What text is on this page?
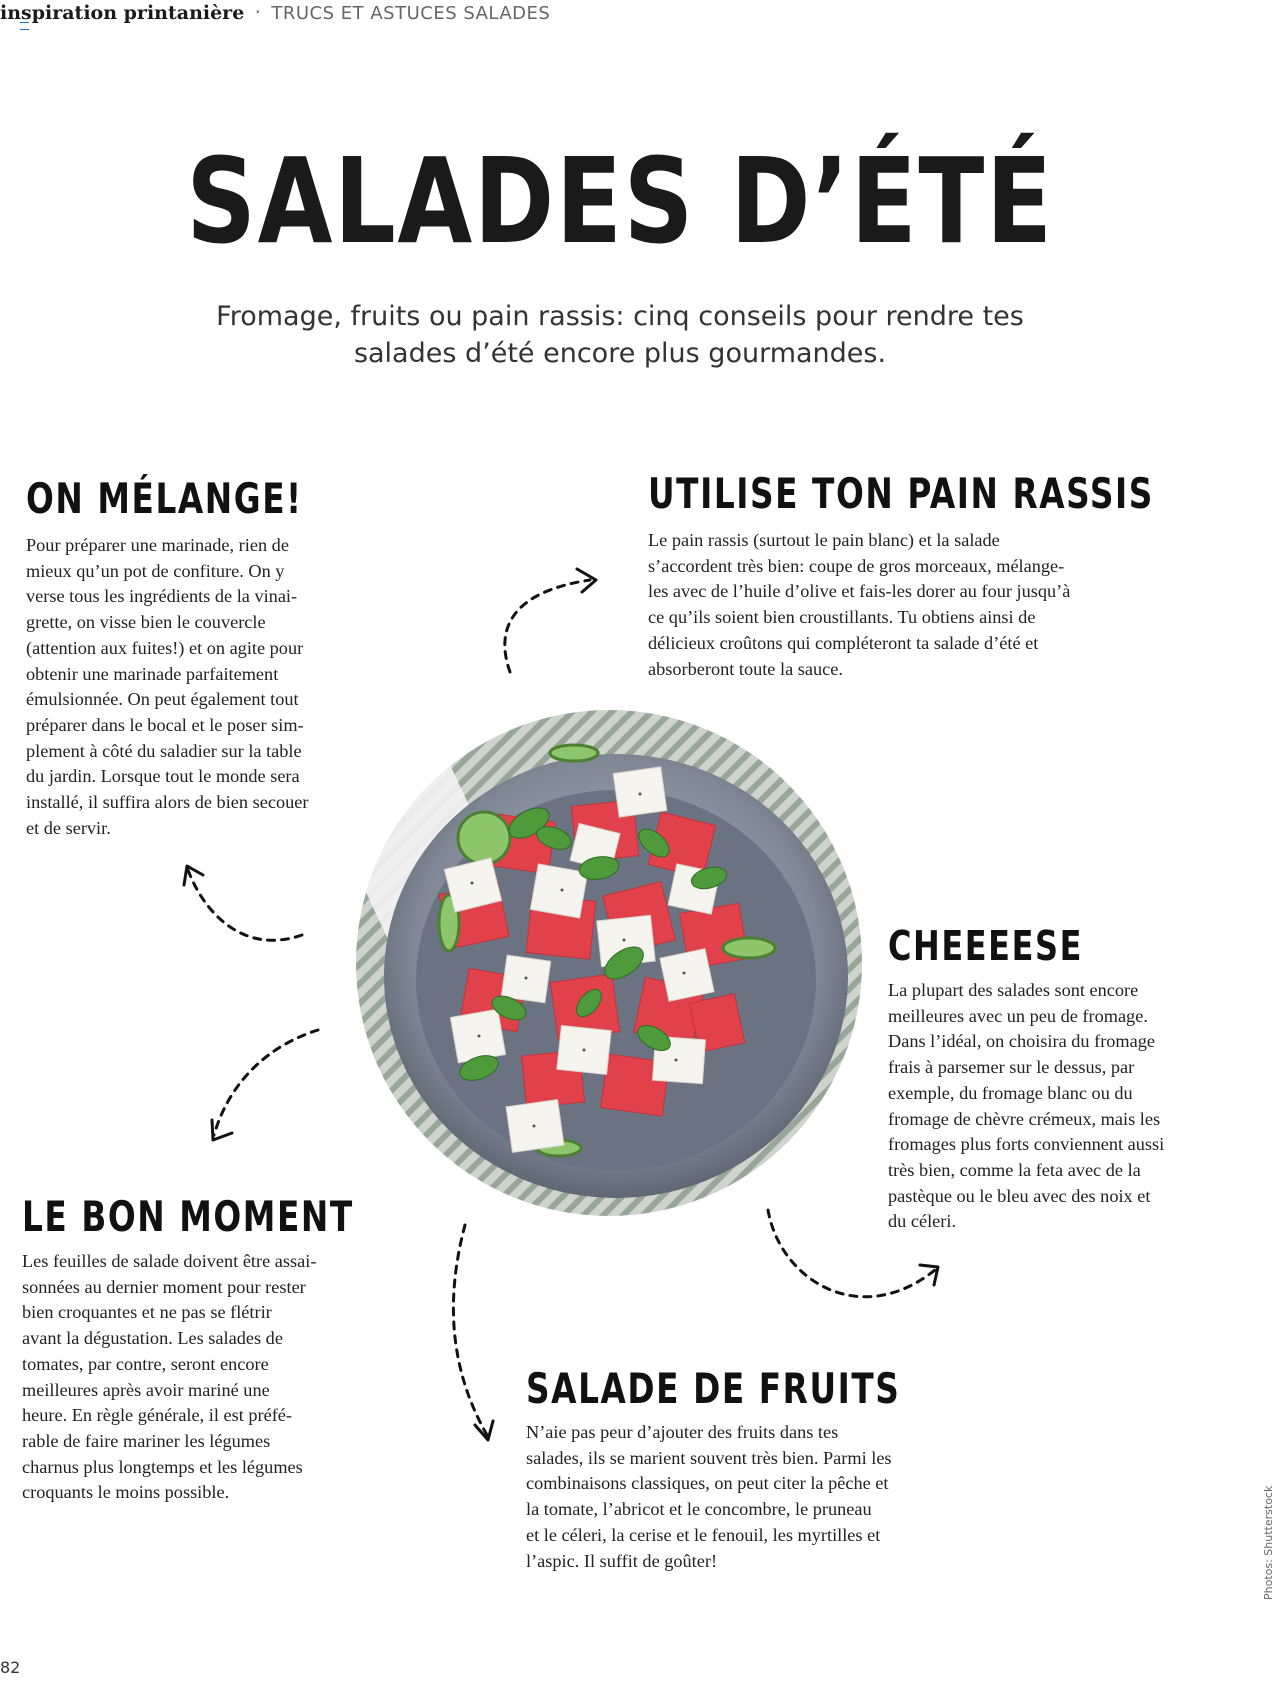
inspiration printanière · TRUCS ET ASTUCES SALADES
SALADES D’ÉTÉ
Fromage, fruits ou pain rassis: cinq conseils pour rendre tes
salades d’été encore plus gourmandes.
ON MÉLANGE!

Pour préparer une marinade, rien de

mieux qu’un pot de confiture. On y

verse tous les ingrédients de la vinai-

grette, on visse bien le couvercle

(attention aux fuites!) et on agite pour

obtenir une marinade parfaitement

émulsionnée. On peut également tout

préparer dans le bocal et le poser sim-

plement à côté du saladier sur la table

du jardin. Lorsque tout le monde sera

installé, il suffira alors de bien secouer

et de servir.

UTILISE TON PAIN RASSIS

Le pain rassis (surtout le pain blanc) et la salade

s’accordent très bien: coupe de gros morceaux, mélange-

les avec de l’huile d’olive et fais-les dorer au four jusqu’à

ce qu’ils soient bien croustillants. Tu obtiens ainsi de

délicieux croûtons qui compléteront ta salade d’été et

absorberont toute la sauce.

CHEEEESE

La plupart des salades sont encore

meilleures avec un peu de fromage.

Dans l’idéal, on choisira du fromage

frais à parsemer sur le dessus, par

exemple, du fromage blanc ou du

fromage de chèvre crémeux, mais les

fromages plus forts conviennent aussi

très bien, comme la feta avec de la

pastèque ou le bleu avec des noix et

du céleri.

LE BON MOMENT

Les feuilles de salade doivent être assai-

sonnées au dernier moment pour rester

bien croquantes et ne pas se flétrir

avant la dégustation. Les salades de

tomates, par contre, seront encore

meilleures après avoir mariné une

heure. En règle générale, il est préfé-

rable de faire mariner les légumes

charnus plus longtemps et les légumes

croquants le moins possible.

SALADE DE FRUITS

N’aie pas peur d’ajouter des fruits dans tes

salades, ils se marient souvent très bien. Parmi les

combinaisons classiques, on peut citer la pêche et

la tomate, l’abricot et le concombre, le pruneau

et le céleri, la cerise et le fenouil, les myrtilles et

l’aspic. Il suffit de goûter!

82
Photos: Shutterstock
